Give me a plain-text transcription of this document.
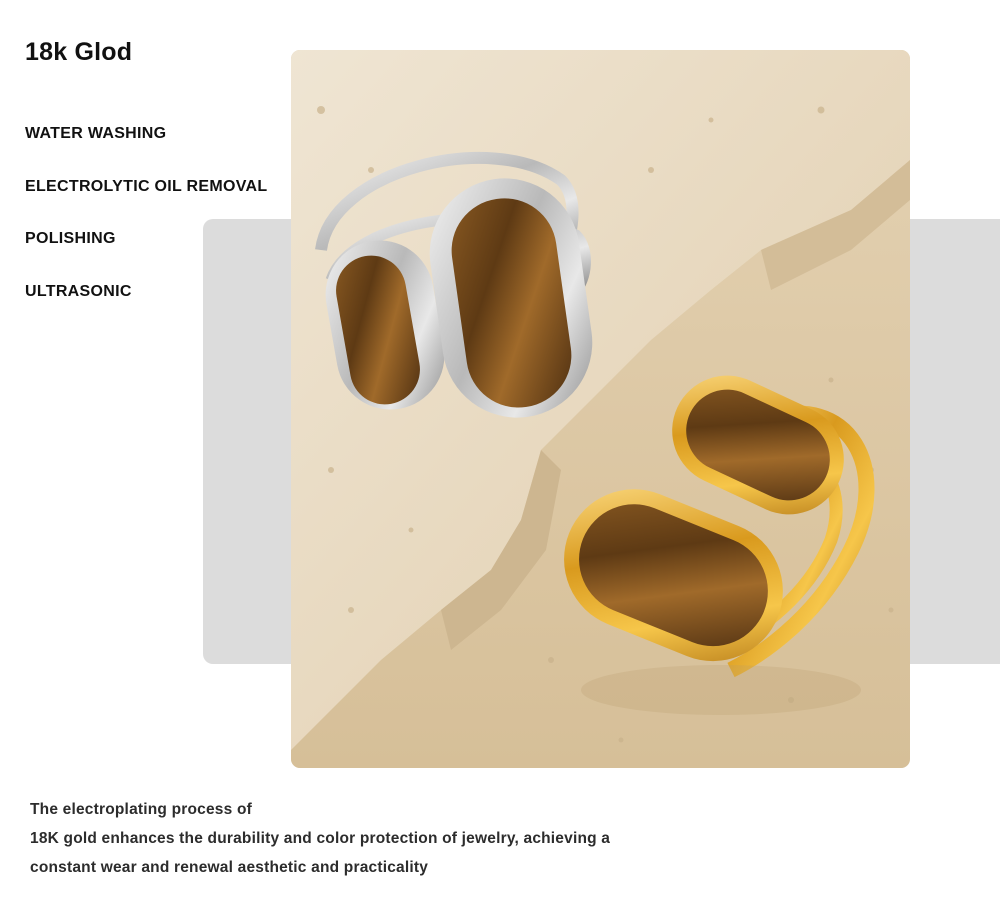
18k Glod
WATER WASHING
ELECTROLYTIC OIL REMOVAL
POLISHING
ULTRASONIC

The electroplating process of
18K gold enhances the durability and color protection of jewelry, achieving a
constant wear and renewal aesthetic and practicality
